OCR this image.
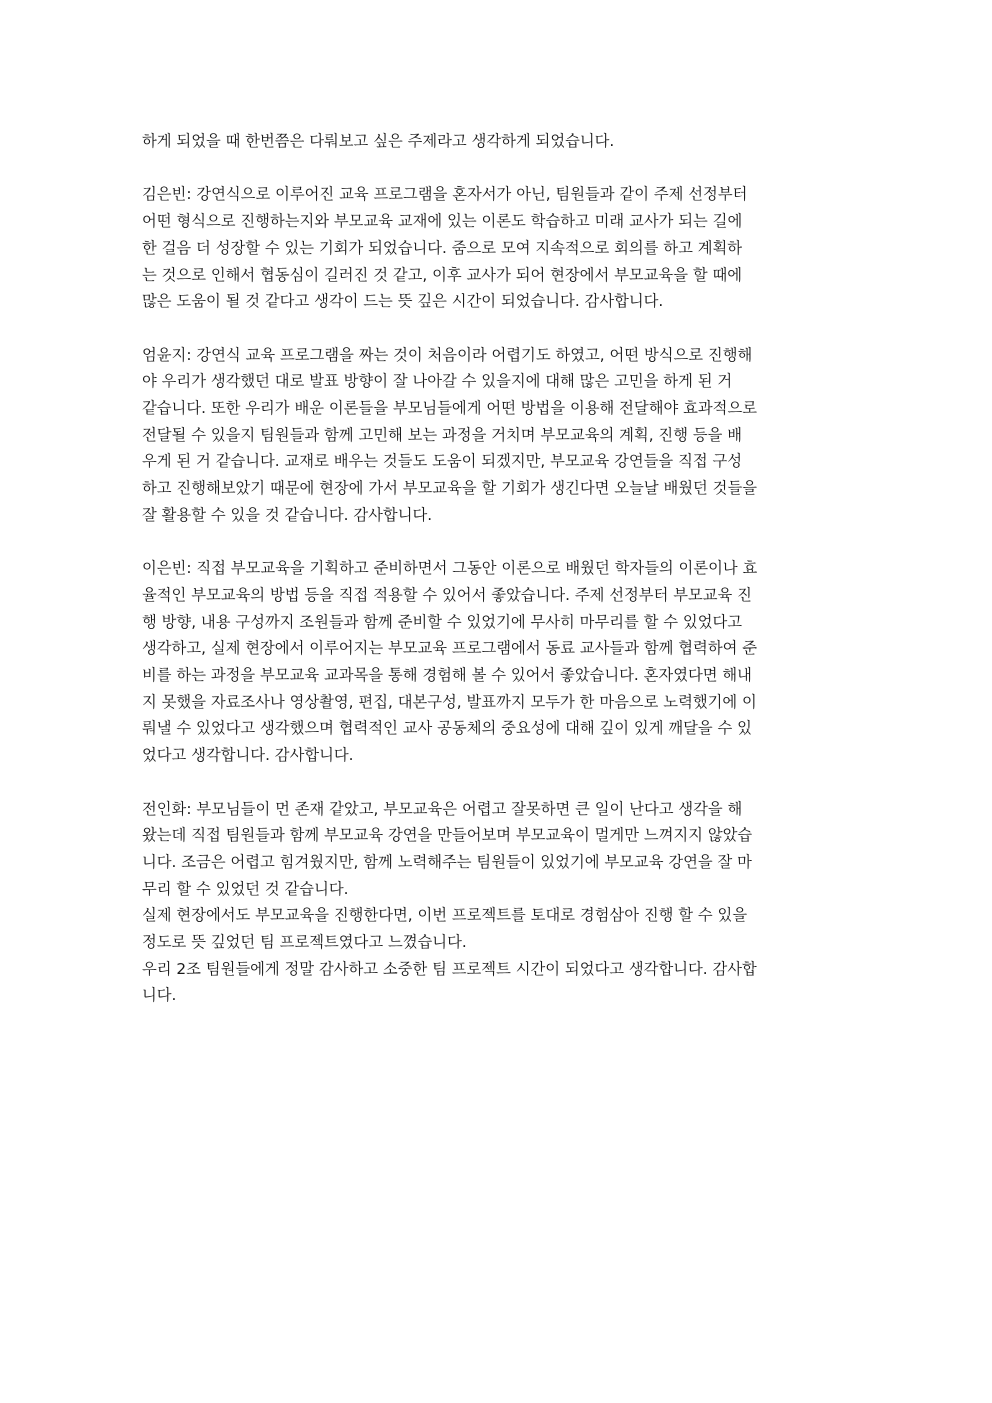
하게 되었을 때 한번쯤은 다뤄보고 싶은 주제라고 생각하게 되었습니다.

김은빈: 강연식으로 이루어진 교육 프로그램을 혼자서가 아닌, 팀원들과 같이 주제 선정부터
어떤 형식으로 진행하는지와 부모교육 교재에 있는 이론도 학습하고 미래 교사가 되는 길에
한 걸음 더 성장할 수 있는 기회가 되었습니다. 줌으로 모여 지속적으로 회의를 하고 계획하
는 것으로 인해서 협동심이 길러진 것 같고, 이후 교사가 되어 현장에서 부모교육을 할 때에
많은 도움이 될 것 같다고 생각이 드는 뜻 깊은 시간이 되었습니다. 감사합니다.

엄윤지: 강연식 교육 프로그램을 짜는 것이 처음이라 어렵기도 하였고, 어떤 방식으로 진행해
야 우리가 생각했던 대로 발표 방향이 잘 나아갈 수 있을지에 대해 많은 고민을 하게 된 거
같습니다. 또한 우리가 배운 이론들을 부모님들에게 어떤 방법을 이용해 전달해야 효과적으로
전달될 수 있을지 팀원들과 함께 고민해 보는 과정을 거치며 부모교육의 계획, 진행 등을 배
우게 된 거 같습니다. 교재로 배우는 것들도 도움이 되겠지만, 부모교육 강연들을 직접 구성
하고 진행해보았기 때문에 현장에 가서 부모교육을 할 기회가 생긴다면 오늘날 배웠던 것들을
잘 활용할 수 있을 것 같습니다. 감사합니다.

이은빈: 직접 부모교육을 기획하고 준비하면서 그동안 이론으로 배웠던 학자들의 이론이나 효
율적인 부모교육의 방법 등을 직접 적용할 수 있어서 좋았습니다. 주제 선정부터 부모교육 진
행 방향, 내용 구성까지 조원들과 함께 준비할 수 있었기에 무사히 마무리를 할 수 있었다고
생각하고, 실제 현장에서 이루어지는 부모교육 프로그램에서 동료 교사들과 함께 협력하여 준
비를 하는 과정을 부모교육 교과목을 통해 경험해 볼 수 있어서 좋았습니다. 혼자였다면 해내
지 못했을 자료조사나 영상촬영, 편집, 대본구성, 발표까지 모두가 한 마음으로 노력했기에 이
뤄낼 수 있었다고 생각했으며 협력적인 교사 공동체의 중요성에 대해 깊이 있게 깨달을 수 있
었다고 생각합니다. 감사합니다.

전인화: 부모님들이 먼 존재 같았고, 부모교육은 어렵고 잘못하면 큰 일이 난다고 생각을 해
왔는데 직접 팀원들과 함께 부모교육 강연을 만들어보며 부모교육이 멀게만 느껴지지 않았습
니다. 조금은 어렵고 힘겨웠지만, 함께 노력해주는 팀원들이 있었기에 부모교육 강연을 잘 마
무리 할 수 있었던 것 같습니다.
실제 현장에서도 부모교육을 진행한다면, 이번 프로젝트를 토대로 경험삼아 진행 할 수 있을
정도로 뜻 깊었던 팀 프로젝트였다고 느꼈습니다.
우리 2조 팀원들에게 정말 감사하고 소중한 팀 프로젝트 시간이 되었다고 생각합니다. 감사합
니다.
